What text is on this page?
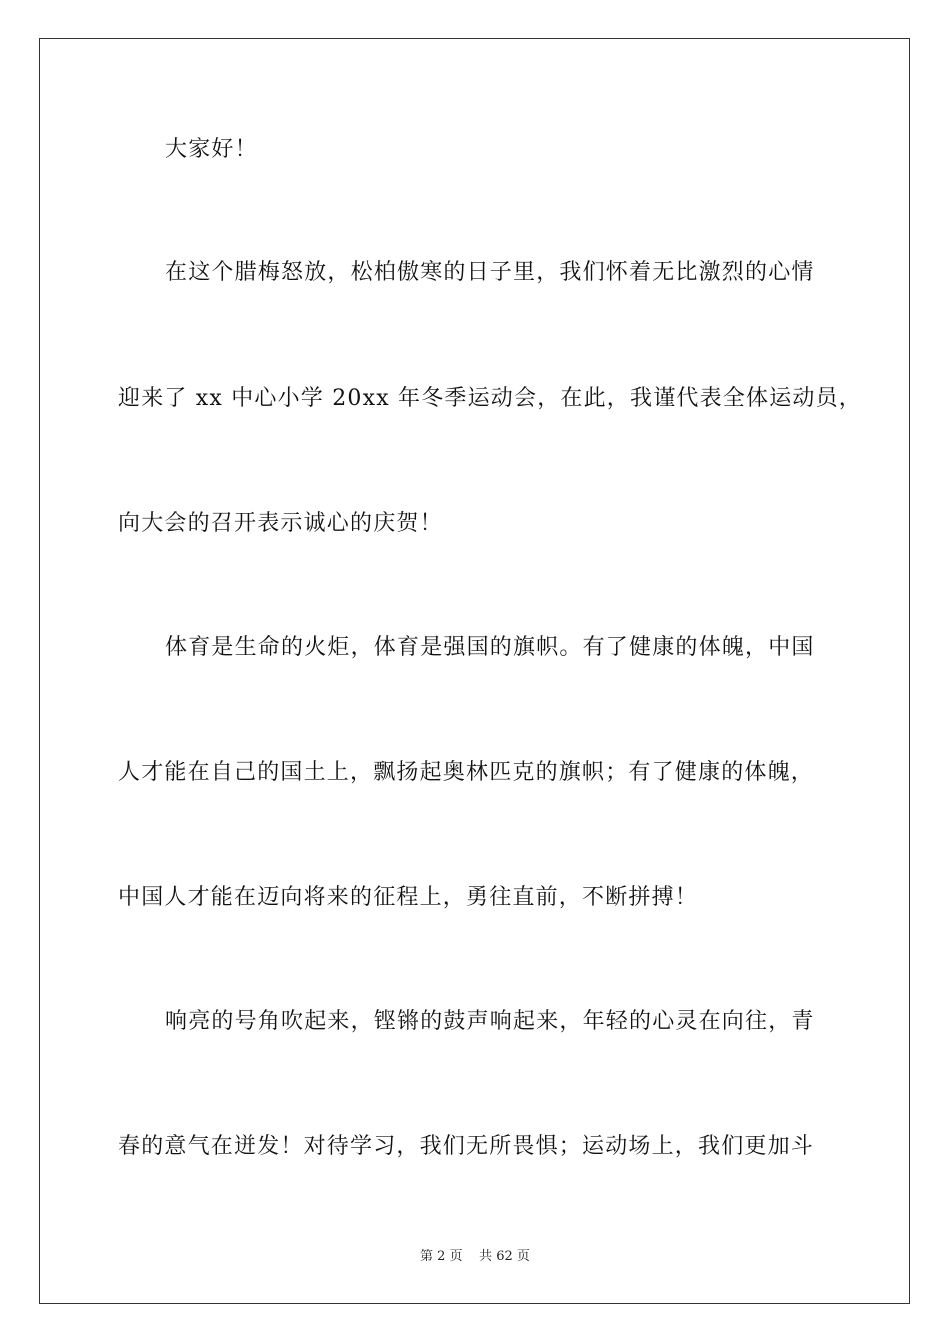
大家好！
在这个腊梅怒放，松柏傲寒的日子里，我们怀着无比激烈的心情
迎来了 xx 中心小学 20xx 年冬季运动会，在此，我谨代表全体运动员，
向大会的召开表示诚心的庆贺！
体育是生命的火炬，体育是强国的旗帜。有了健康的体魄，中国
人才能在自己的国土上，飘扬起奥林匹克的旗帜；有了健康的体魄，
中国人才能在迈向将来的征程上，勇往直前，不断拼搏！
响亮的号角吹起来，铿锵的鼓声响起来，年轻的心灵在向往，青
春的意气在迸发！对待学习，我们无所畏惧；运动场上，我们更加斗
第 2 页 共 62 页
